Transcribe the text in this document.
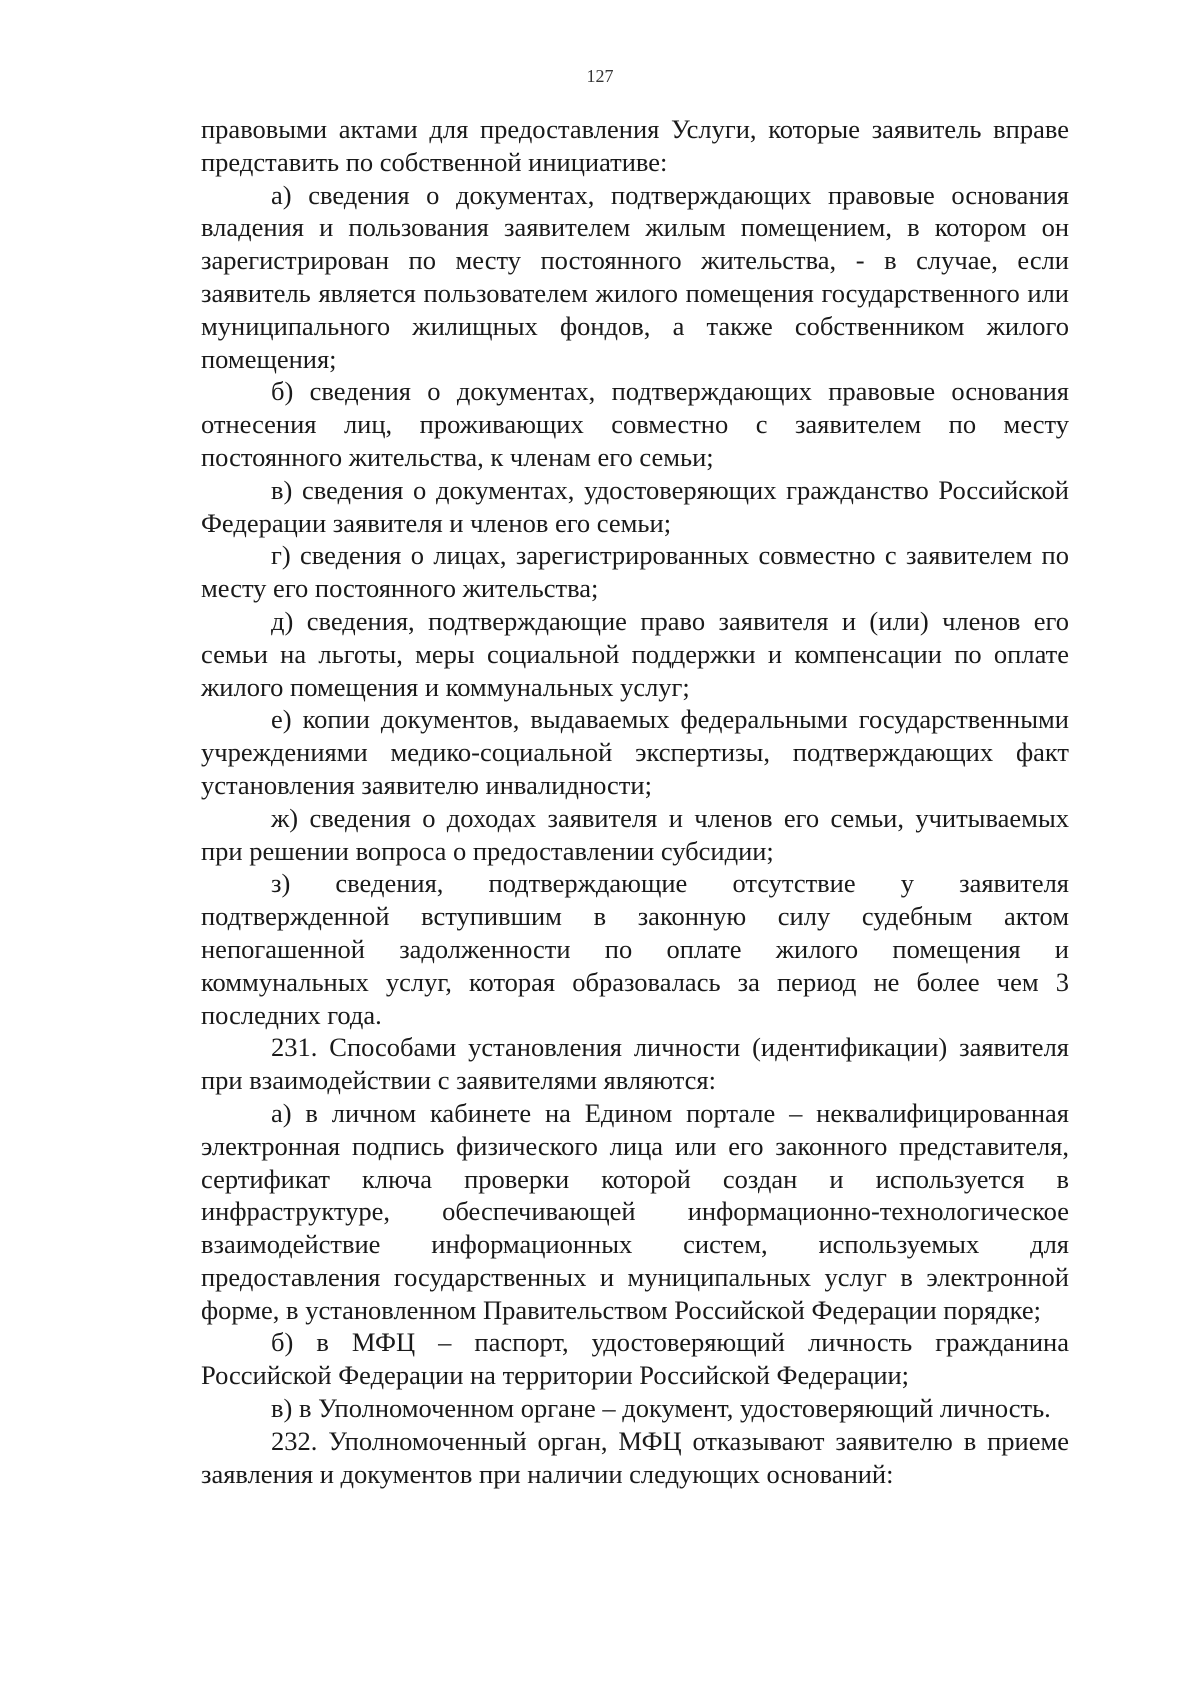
127

правовыми актами для предоставления Услуги, которые заявитель вправе представить по собственной инициативе:

а) сведения о документах, подтверждающих правовые основания владения и пользования заявителем жилым помещением, в котором он зарегистрирован по месту постоянного жительства, - в случае, если заявитель является пользователем жилого помещения государственного или муниципального жилищных фондов, а также собственником жилого помещения;

б) сведения о документах, подтверждающих правовые основания отнесения лиц, проживающих совместно с заявителем по месту постоянного жительства, к членам его семьи;

в) сведения о документах, удостоверяющих гражданство Российской Федерации заявителя и членов его семьи;

г) сведения о лицах, зарегистрированных совместно с заявителем по месту его постоянного жительства;

д) сведения, подтверждающие право заявителя и (или) членов его семьи на льготы, меры социальной поддержки и компенсации по оплате жилого помещения и коммунальных услуг;

е) копии документов, выдаваемых федеральными государственными учреждениями медико-социальной экспертизы, подтверждающих факт установления заявителю инвалидности;

ж) сведения о доходах заявителя и членов его семьи, учитываемых при решении вопроса о предоставлении субсидии;

з) сведения, подтверждающие отсутствие у заявителя подтвержденной вступившим в законную силу судебным актом непогашенной задолженности по оплате жилого помещения и коммунальных услуг, которая образовалась за период не более чем 3 последних года.

231. Способами установления личности (идентификации) заявителя при взаимодействии с заявителями являются:

а) в личном кабинете на Едином портале – неквалифицированная электронная подпись физического лица или его законного представителя, сертификат ключа проверки которой создан и используется в инфраструктуре, обеспечивающей информационно-технологическое взаимодействие информационных систем, используемых для предоставления государственных и муниципальных услуг в электронной форме, в установленном Правительством Российской Федерации порядке;

б) в МФЦ – паспорт, удостоверяющий личность гражданина Российской Федерации на территории Российской Федерации;

в) в Уполномоченном органе – документ, удостоверяющий личность.

232. Уполномоченный орган, МФЦ отказывают заявителю в приеме заявления и документов при наличии следующих оснований:
